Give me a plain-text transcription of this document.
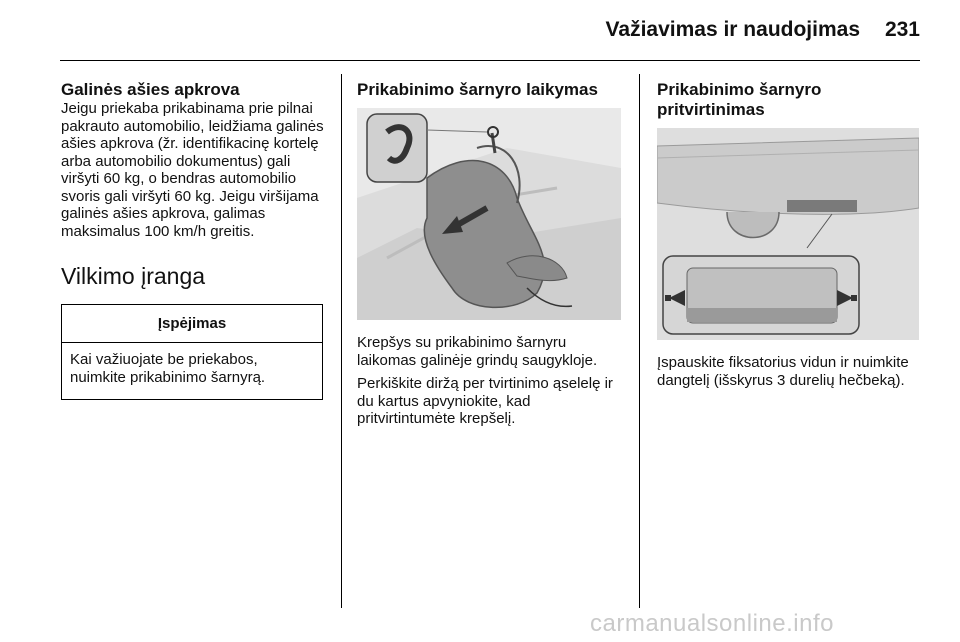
Važiavimas ir naudojimas	231
Galinės ašies apkrova

Jeigu priekaba prikabinama prie pilnai pakrauto automobilio, leidžiama galinės ašies apkrova (žr. identifikacinę kortelę arba automobilio dokumentus) gali viršyti 60 kg, o bendras automobilio svoris gali viršyti 60 kg. Jeigu viršijama galinės ašies apkrova, galimas maksimalus 100 km/h greitis.

Vilkimo įranga
Įspėjimas
Kai važiuojate be priekabos, nuimkite prikabinimo šarnyrą.
Prikabinimo šarnyro laikymas

Krepšys su prikabinimo šarnyru laikomas galinėje grindų saugykloje.

Perkiškite diržą per tvirtinimo ąselelę ir du kartus apvyniokite, kad pritvirtintumėte krepšelį.

Prikabinimo šarnyro pritvirtinimas

Įspauskite fiksatorius vidun ir nuimkite dangtelį (išskyrus 3 durelių hečbeką).

carmanualsonline.info
